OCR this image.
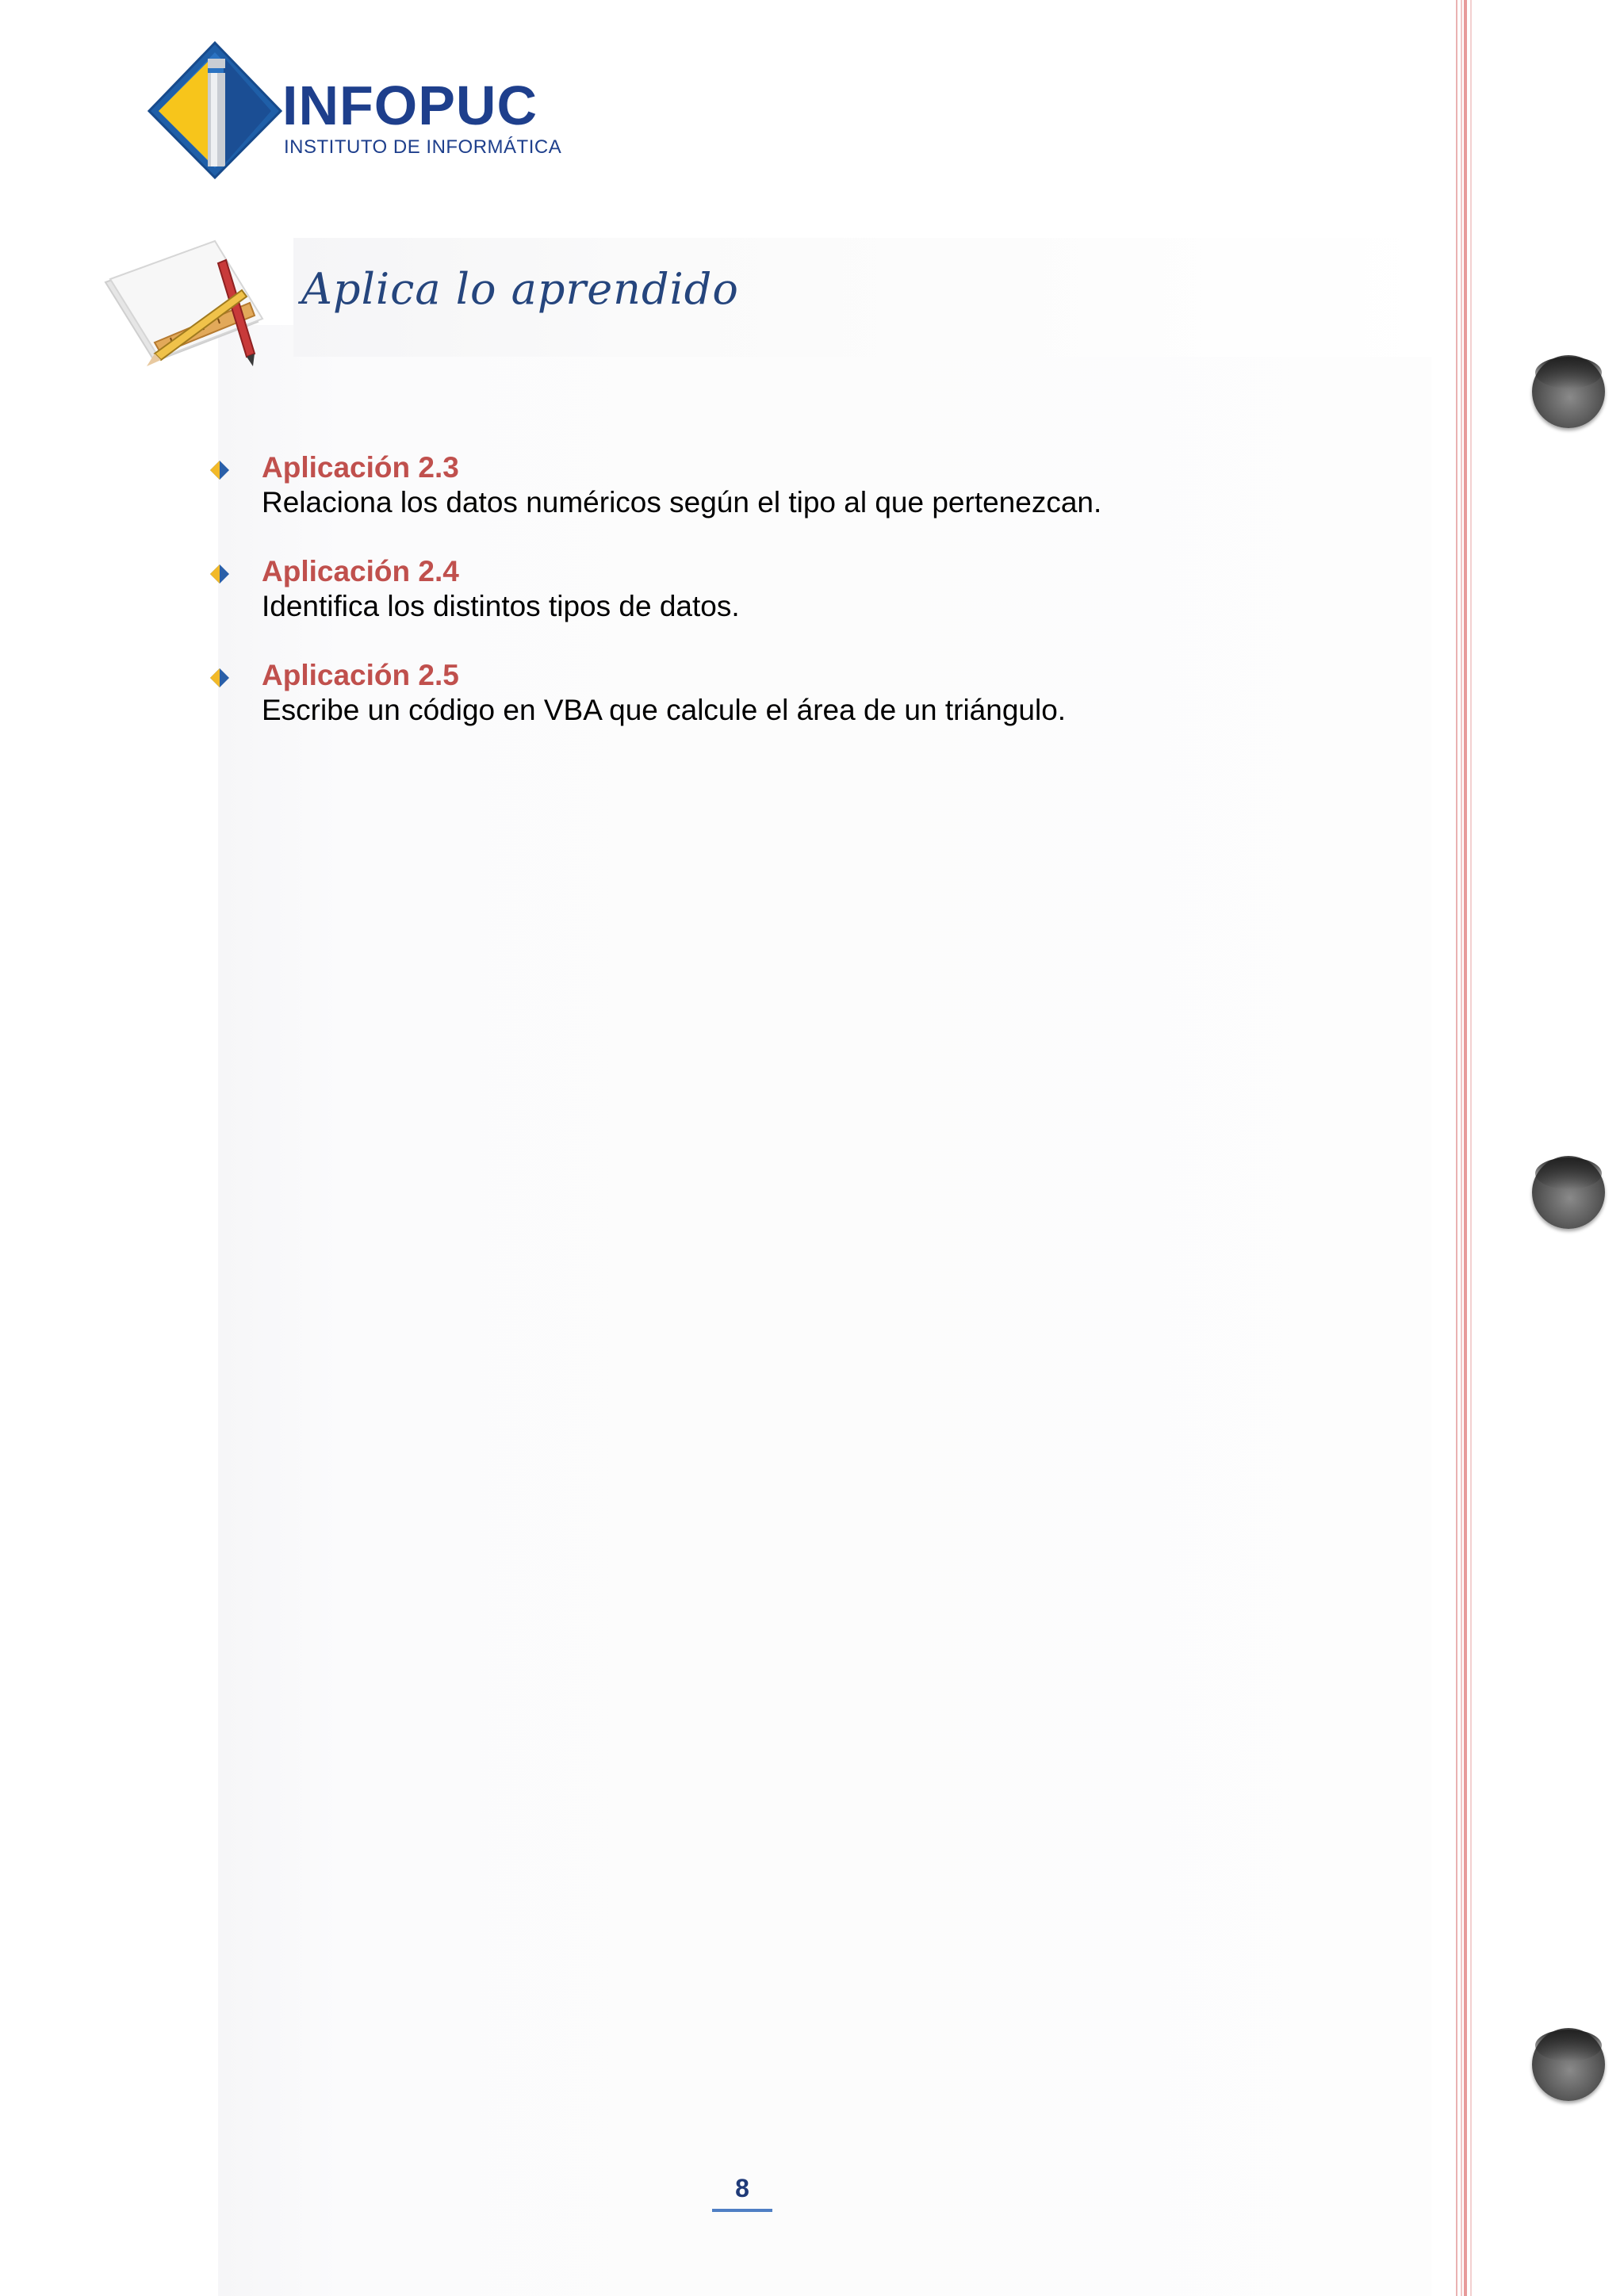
INFOPUC
INSTITUTO DE INFORMÁTICA
Aplica lo aprendido
Aplicación 2.3
Relaciona los datos numéricos según el tipo al que pertenezcan.
Aplicación 2.4
Identifica los distintos tipos de datos.
Aplicación 2.5
Escribe un código en VBA que calcule el área de un triángulo.
8
